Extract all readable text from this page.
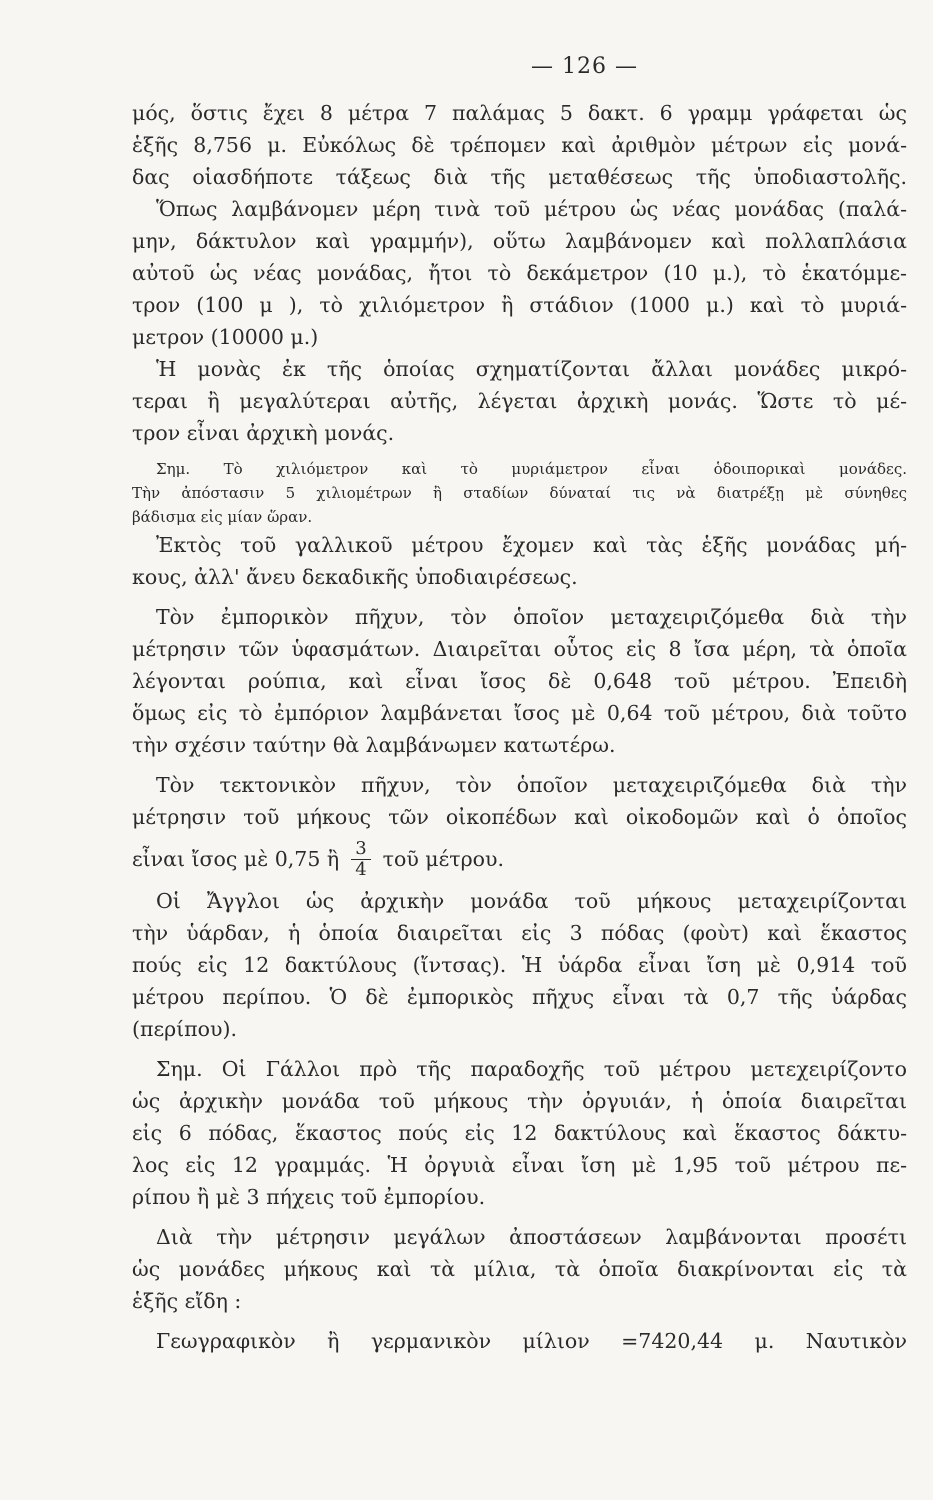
— 126 —
μός, ὅστις ἔχει 8 μέτρα 7 παλάμας 5 δακτ. 6 γραμμ γράφεται ὡς
ἑξῆς 8,756 μ. Εὐκόλως δὲ τρέπομεν καὶ ἀριθμὸν μέτρων εἰς μονά-
δας οἱασδήποτε τάξεως διὰ τῆς μεταθέσεως τῆς ὑποδιαστολῆς.
Ὅπως λαμβάνομεν μέρη τινὰ τοῦ μέτρου ὡς νέας μονάδας (παλά-
μην, δάκτυλον καὶ γραμμήν), οὕτω λαμβάνομεν καὶ πολλαπλάσια
αὐτοῦ ὡς νέας μονάδας, ἤτοι τὸ δεκάμετρον (10 μ.), τὸ ἑκατόμμε-
τρον (100 μ ), τὸ χιλιόμετρον ἢ στάδιον (1000 μ.) καὶ τὸ μυριά-
μετρον (10000 μ.)
Ἡ μονὰς ἐκ τῆς ὁποίας σχηματίζονται ἄλλαι μονάδες μικρό-
τεραι ἢ μεγαλύτεραι αὐτῆς, λέγεται ἀρχικὴ μονάς. Ὥστε τὸ μέ-
τρον εἶναι ἀρχικὴ μονάς.
Σημ. Τὸ χιλιόμετρον καὶ τὸ μυριάμετρον εἶναι ὁδοιπορικαὶ μονάδες.
Τὴν ἀπόστασιν 5 χιλιομέτρων ἢ σταδίων δύναταί τις νὰ διατρέξῃ μὲ σύνηθες
βάδισμα εἰς μίαν ὥραν.
Ἐκτὸς τοῦ γαλλικοῦ μέτρου ἔχομεν καὶ τὰς ἑξῆς μονάδας μή-
κους, ἀλλ' ἄνευ δεκαδικῆς ὑποδιαιρέσεως.
Τὸν ἐμπορικὸν πῆχυν, τὸν ὁποῖον μεταχειριζόμεθα διὰ τὴν
μέτρησιν τῶν ὑφασμάτων. Διαιρεῖται οὗτος εἰς 8 ἴσα μέρη, τὰ ὁποῖα
λέγονται ρούπια, καὶ εἶναι ἴσος δὲ 0,648 τοῦ μέτρου. Ἐπειδὴ
ὅμως εἰς τὸ ἐμπόριον λαμβάνεται ἴσος μὲ 0,64 τοῦ μέτρου, διὰ τοῦτο
τὴν σχέσιν ταύτην θὰ λαμβάνωμεν κατωτέρω.
Τὸν τεκτονικὸν πῆχυν, τὸν ὁποῖον μεταχειριζόμεθα διὰ τὴν
μέτρησιν τοῦ μήκους τῶν οἰκοπέδων καὶ οἰκοδομῶν καὶ ὁ ὁποῖος
εἶναι ἴσος μὲ 0,75 ἢ $\frac{3}{4}$ τοῦ μέτρου.
Οἱ Ἄγγλοι ὡς ἀρχικὴν μονάδα τοῦ μήκους μεταχειρίζονται
τὴν ὑάρδαν, ἡ ὁποία διαιρεῖται εἰς 3 πόδας (φοὺτ) καὶ ἕκαστος
πούς εἰς 12 δακτύλους (ἴντσας). Ἡ ὑάρδα εἶναι ἴση μὲ 0,914 τοῦ
μέτρου περίπου. Ὁ δὲ ἐμπορικὸς πῆχυς εἶναι τὰ 0,7 τῆς ὑάρδας
(περίπου).
Σημ. Οἱ Γάλλοι πρὸ τῆς παραδοχῆς τοῦ μέτρου μετεχειρίζοντο
ὡς ἀρχικὴν μονάδα τοῦ μήκους τὴν ὀργυιάν, ἡ ὁποία διαιρεῖται
εἰς 6 πόδας, ἕκαστος πούς εἰς 12 δακτύλους καὶ ἕκαστος δάκτυ-
λος εἰς 12 γραμμάς. Ἡ ὀργυιὰ εἶναι ἴση μὲ 1,95 τοῦ μέτρου πε-
ρίπου ἢ μὲ 3 πήχεις τοῦ ἐμπορίου.
Διὰ τὴν μέτρησιν μεγάλων ἀποστάσεων λαμβάνονται προσέτι
ὡς μονάδες μήκους καὶ τὰ μίλια, τὰ ὁποῖα διακρίνονται εἰς τὰ
ἑξῆς εἴδη :
Γεωγραφικὸν ἢ γερμανικὸν μίλιον =7420,44 μ. Ναυτικὸν
